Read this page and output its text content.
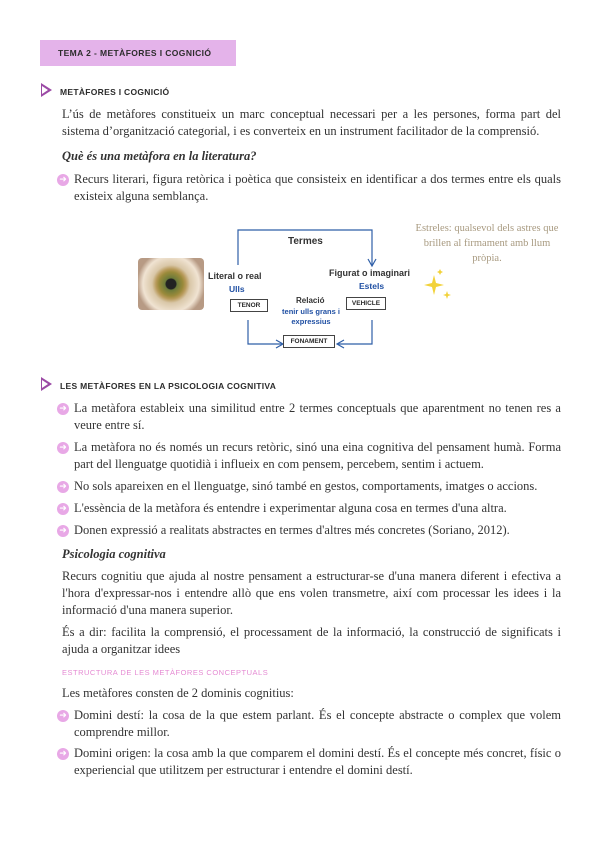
TEMA 2 - METÀFORES I COGNICIÓ
METÀFORES I COGNICIÓ
L’ús de metàfores constitueix un marc conceptual necessari per a les persones, forma part del sistema d’organització categorial, i es converteix en un instrument facilitador de la comprensió.
Què és una metàfora en la literatura?
➜ Recurs literari, figura retòrica i poètica que consisteix en identificar a dos termes entre els quals existeix alguna semblança.
Termes
Literal o real
Ulls
Figurat o imaginari
Estels
Relació
tenir ulls grans i expressius
TENOR	VEHICLE
FONAMENT
Estreles: qualsevol dels astres que brillen al firmament amb llum pròpia.
LES METÀFORES EN LA PSICOLOGIA COGNITIVA
➜ La metàfora estableix una similitud entre 2 termes conceptuals que aparentment no tenen res a veure entre sí.
➜ La metàfora no és només un recurs retòric, sinó una eina cognitiva del pensament humà. Forma part del llenguatge quotidià i influeix en com pensem, percebem, sentim i actuem.
➜ No sols apareixen en el llenguatge, sinó també en gestos, comportaments, imatges o accions.
➜ L'essència de la metàfora és entendre i experimentar alguna cosa en termes d'una altra.
➜ Donen expressió a realitats abstractes en termes d'altres més concretes (Soriano, 2012).
Psicologia cognitiva
Recurs cognitiu que ajuda al nostre pensament a estructurar-se d'una manera diferent i efectiva a l'hora d'expressar-nos i entendre allò que ens volen transmetre, així com processar les idees i la informació d'una manera superior.
És a dir: facilita la comprensió, el processament de la informació, la construcció de significats i ajuda a organitzar idees
ESTRUCTURA DE LES METÀFORES CONCEPTUALS
Les metàfores consten de 2 dominis cognitius:
➜ Domini destí: la cosa de la que estem parlant. És el concepte abstracte o complex que volem comprendre millor.
➜ Domini origen: la cosa amb la que comparem el domini destí. És el concepte més concret, físic o experiencial que utilitzem per estructurar i entendre el domini destí.
